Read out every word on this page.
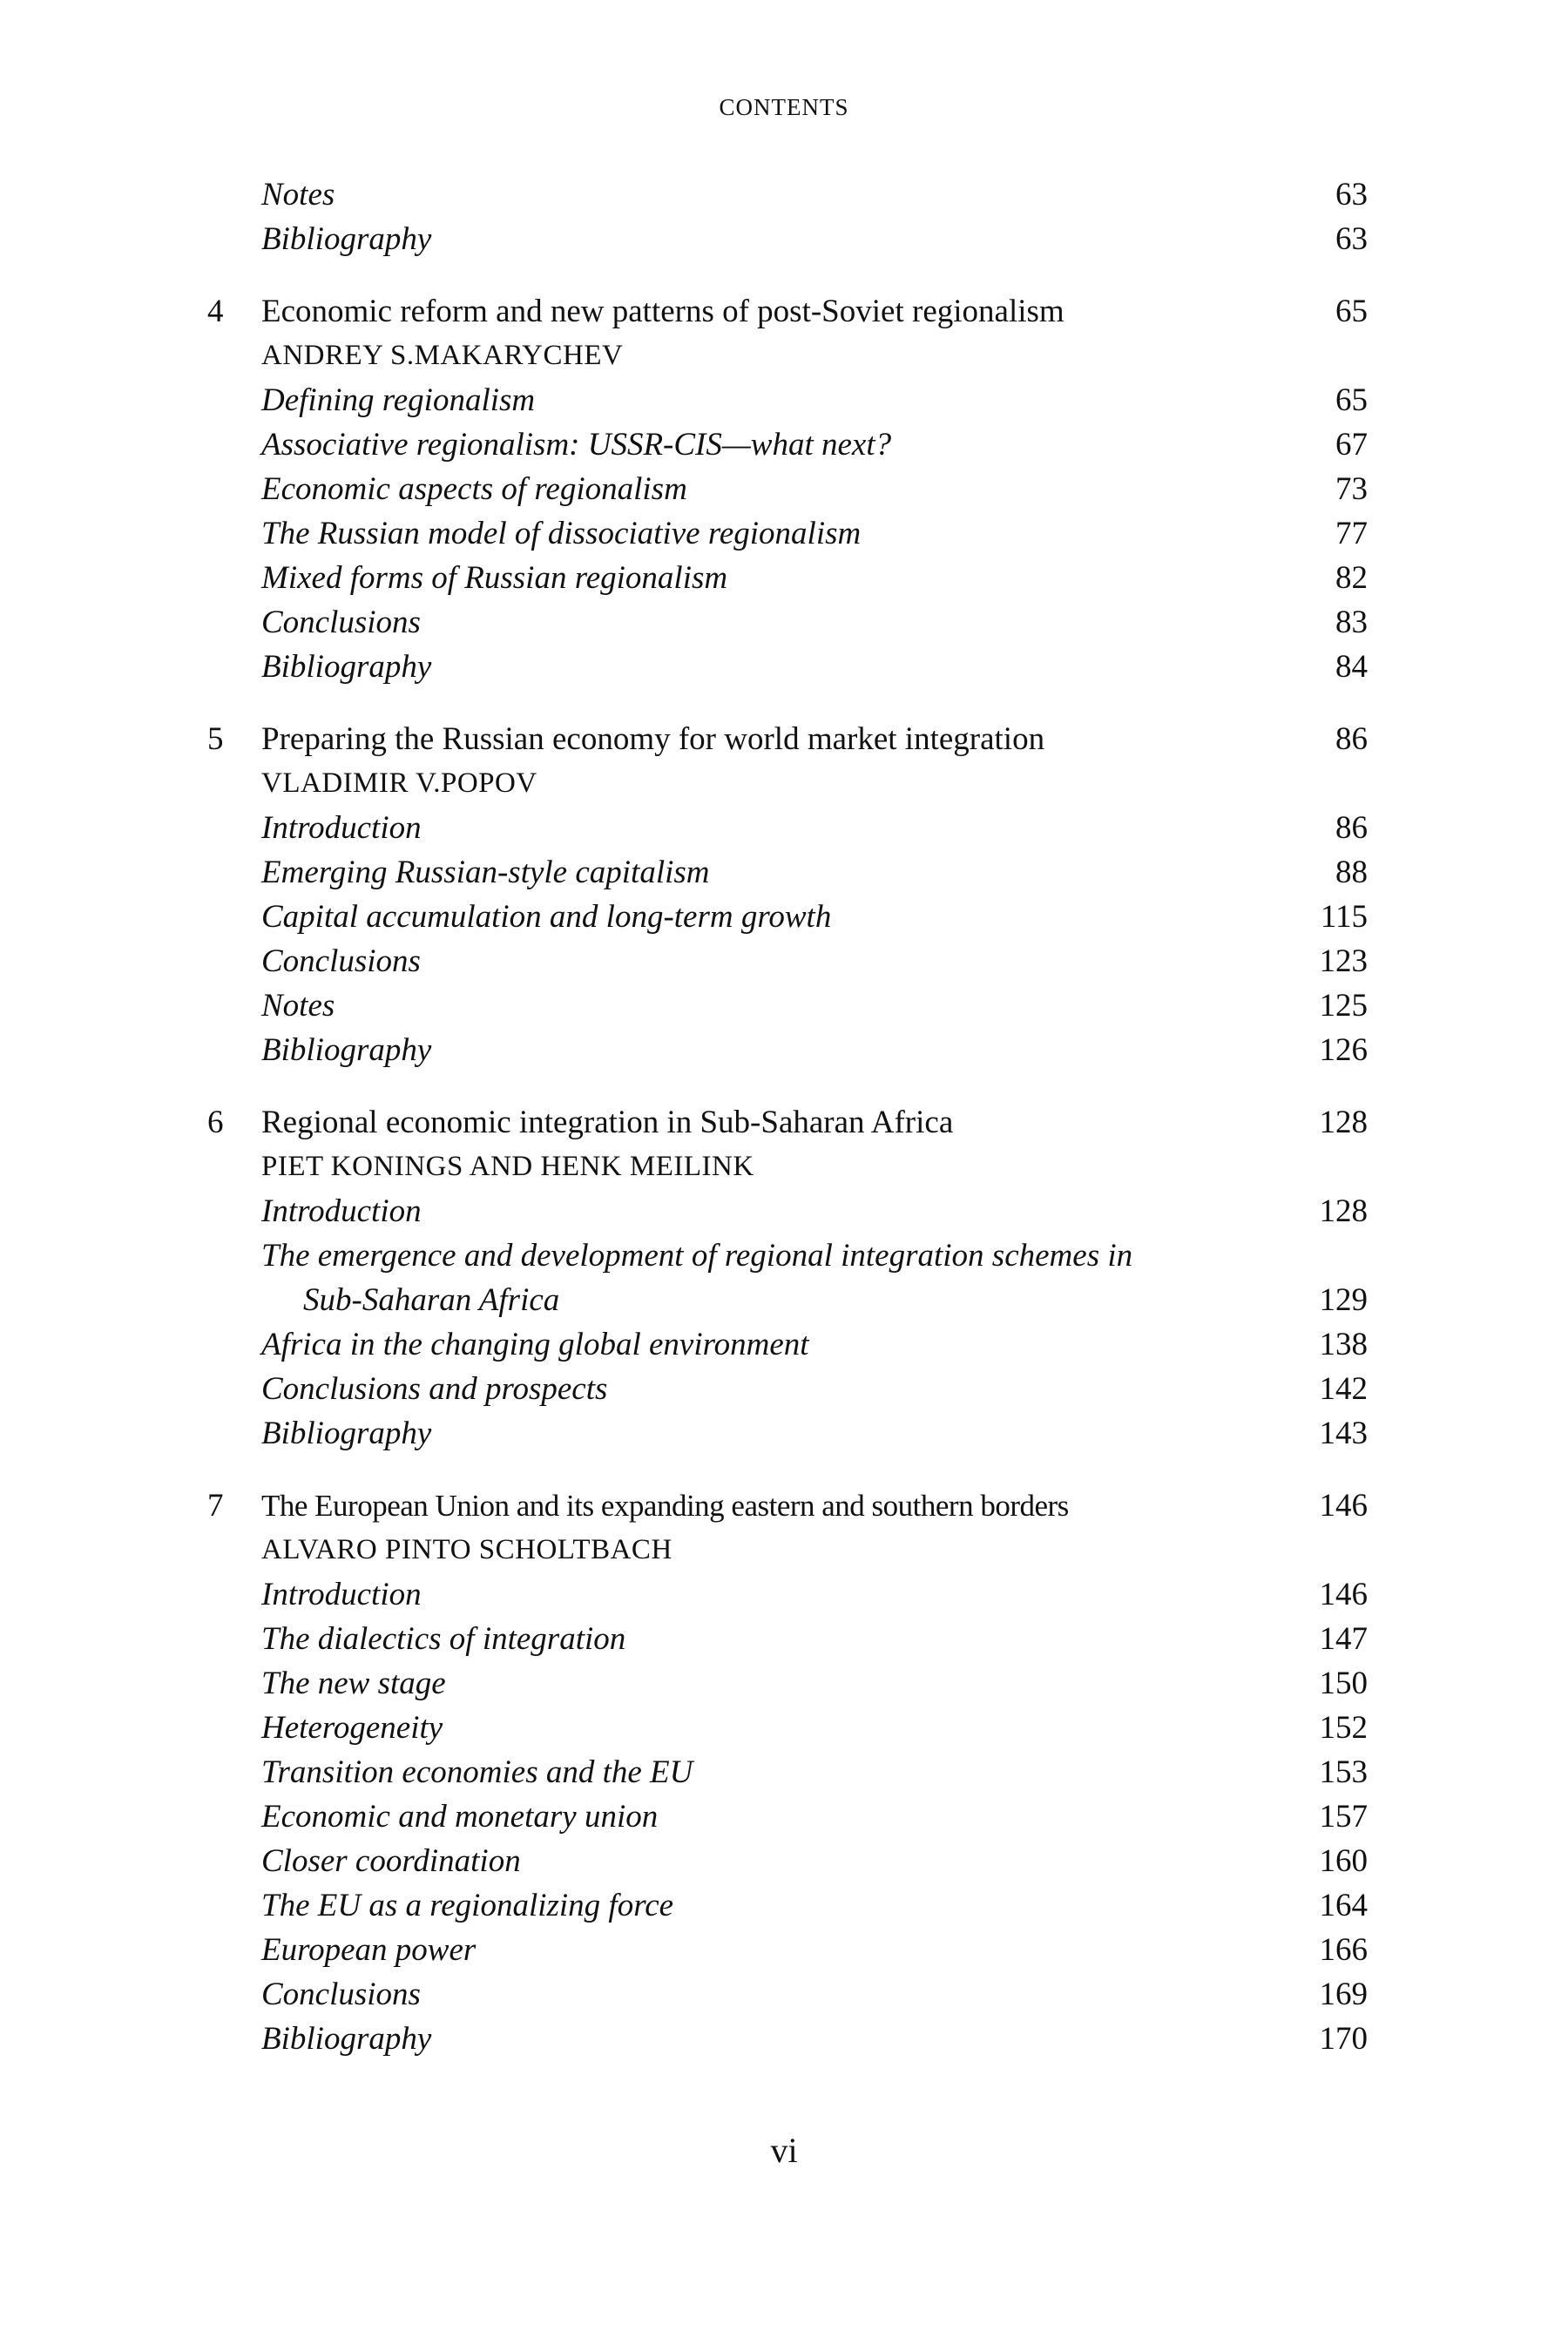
CONTENTS
Notes	63
Bibliography	63
4 Economic reform and new patterns of post-Soviet regionalism	65
ANDREY S.MAKARYCHEV
Defining regionalism	65
Associative regionalism: USSR-CIS—what next?	67
Economic aspects of regionalism	73
The Russian model of dissociative regionalism	77
Mixed forms of Russian regionalism	82
Conclusions	83
Bibliography	84
5 Preparing the Russian economy for world market integration	86
VLADIMIR V.POPOV
Introduction	86
Emerging Russian-style capitalism	88
Capital accumulation and long-term growth	115
Conclusions	123
Notes	125
Bibliography	126
6 Regional economic integration in Sub-Saharan Africa	128
PIET KONINGS AND HENK MEILINK
Introduction	128
The emergence and development of regional integration schemes in
Sub-Saharan Africa	129
Africa in the changing global environment	138
Conclusions and prospects	142
Bibliography	143
7 The European Union and its expanding eastern and southern borders	146
ALVARO PINTO SCHOLTBACH
Introduction	146
The dialectics of integration	147
The new stage	150
Heterogeneity	152
Transition economies and the EU	153
Economic and monetary union	157
Closer coordination	160
The EU as a regionalizing force	164
European power	166
Conclusions	169
Bibliography	170
vi
